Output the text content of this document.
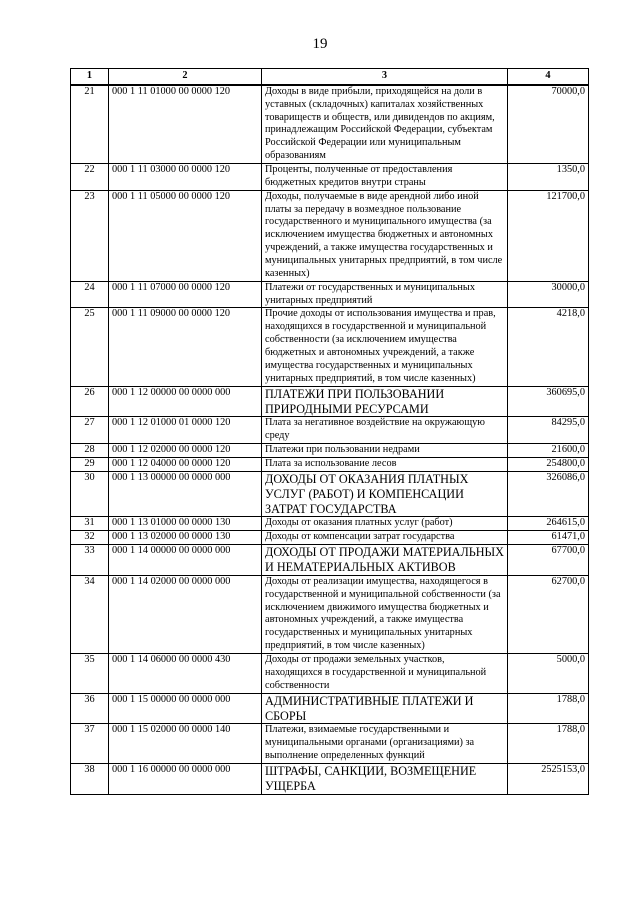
19
1	2	3	4
21	000 1 11 01000 00 0000 120	Доходы в виде прибыли, приходящейся на доли в уставных (складочных) капиталах хозяйственных товариществ и обществ, или дивидендов по акциям, принадлежащим Российской Федерации, субъектам Российской Федерации или муниципальным образованиям	70000,0
22	000 1 11 03000 00 0000 120	Проценты, полученные от предоставления бюджетных кредитов внутри страны	1350,0
23	000 1 11 05000 00 0000 120	Доходы, получаемые в виде арендной либо иной платы за передачу в возмездное пользование государственного и муниципального имущества (за исключением имущества бюджетных и автономных учреждений, а также имущества государственных и муниципальных унитарных предприятий, в том числе казенных)	121700,0
24	000 1 11 07000 00 0000 120	Платежи от государственных и муниципальных унитарных предприятий	30000,0
25	000 1 11 09000 00 0000 120	Прочие доходы от использования имущества и прав, находящихся в государственной и муниципальной собственности (за исключением имущества бюджетных и автономных учреждений, а также имущества государственных и муниципальных унитарных предприятий, в том числе казенных)	4218,0
26	000 1 12 00000 00 0000 000	ПЛАТЕЖИ ПРИ ПОЛЬЗОВАНИИ ПРИРОДНЫМИ РЕСУРСАМИ	360695,0
27	000 1 12 01000 01 0000 120	Плата за негативное воздействие на окружающую среду	84295,0
28	000 1 12 02000 00 0000 120	Платежи при пользовании недрами	21600,0
29	000 1 12 04000 00 0000 120	Плата за использование лесов	254800,0
30	000 1 13 00000 00 0000 000	ДОХОДЫ ОТ ОКАЗАНИЯ ПЛАТНЫХ УСЛУГ (РАБОТ) И КОМПЕНСАЦИИ ЗАТРАТ ГОСУДАРСТВА	326086,0
31	000 1 13 01000 00 0000 130	Доходы от оказания платных услуг (работ)	264615,0
32	000 1 13 02000 00 0000 130	Доходы от компенсации затрат государства	61471,0
33	000 1 14 00000 00 0000 000	ДОХОДЫ ОТ ПРОДАЖИ МАТЕРИАЛЬНЫХ И НЕМАТЕРИАЛЬНЫХ АКТИВОВ	67700,0
34	000 1 14 02000 00 0000 000	Доходы от реализации имущества, находящегося в государственной и муниципальной собственности (за исключением движимого имущества бюджетных и автономных учреждений, а также имущества государственных и муниципальных унитарных предприятий, в том числе казенных)	62700,0
35	000 1 14 06000 00 0000 430	Доходы от продажи земельных участков, находящихся в государственной и муниципальной собственности	5000,0
36	000 1 15 00000 00 0000 000	АДМИНИСТРАТИВНЫЕ ПЛАТЕЖИ И СБОРЫ	1788,0
37	000 1 15 02000 00 0000 140	Платежи, взимаемые государственными и муниципальными органами (организациями) за выполнение определенных функций	1788,0
38	000 1 16 00000 00 0000 000	ШТРАФЫ, САНКЦИИ, ВОЗМЕЩЕНИЕ УЩЕРБА	2525153,0
